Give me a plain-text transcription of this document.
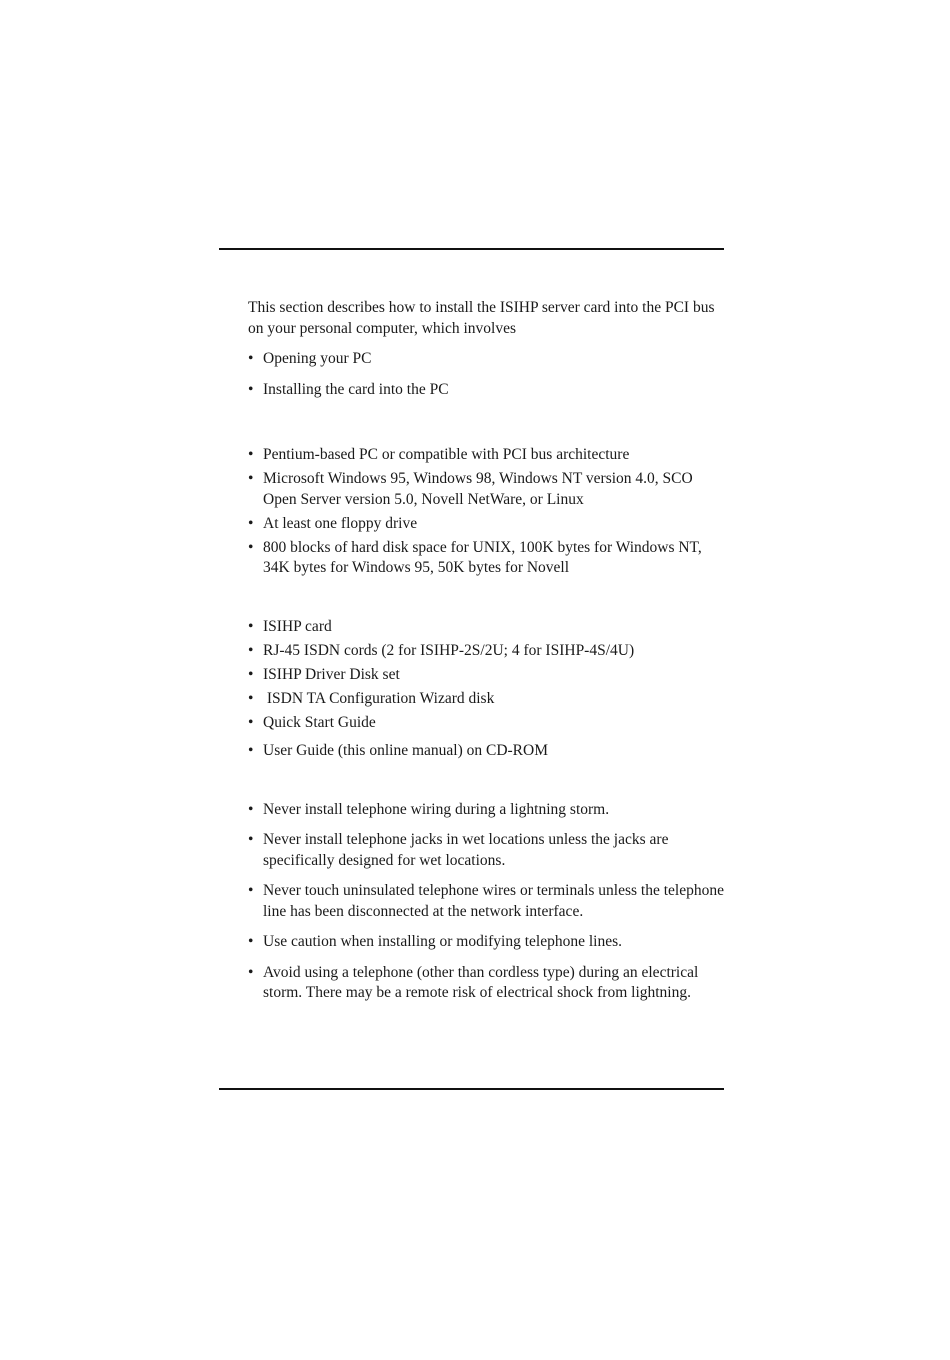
This section describes how to install the ISIHP server card into the PCI bus on your personal computer, which involves

• Opening your PC
• Installing the card into the PC
• Pentium-based PC or compatible with PCI bus architecture
• Microsoft Windows 95, Windows 98, Windows NT version 4.0, SCO Open Server version 5.0, Novell NetWare, or Linux
• At least one floppy drive
• 800 blocks of hard disk space for UNIX, 100K bytes for Windows NT, 34K bytes for Windows 95, 50K bytes for Novell
• ISIHP card
• RJ-45 ISDN cords (2 for ISIHP-2S/2U; 4 for ISIHP-4S/4U)
• ISIHP Driver Disk set
• ISDN TA Configuration Wizard disk
• Quick Start Guide
• User Guide (this online manual) on CD-ROM
• Never install telephone wiring during a lightning storm.
• Never install telephone jacks in wet locations unless the jacks are specifically designed for wet locations.
• Never touch uninsulated telephone wires or terminals unless the telephone line has been disconnected at the network interface.
• Use caution when installing or modifying telephone lines.
• Avoid using a telephone (other than cordless type) during an electrical storm. There may be a remote risk of electrical shock from lightning.
